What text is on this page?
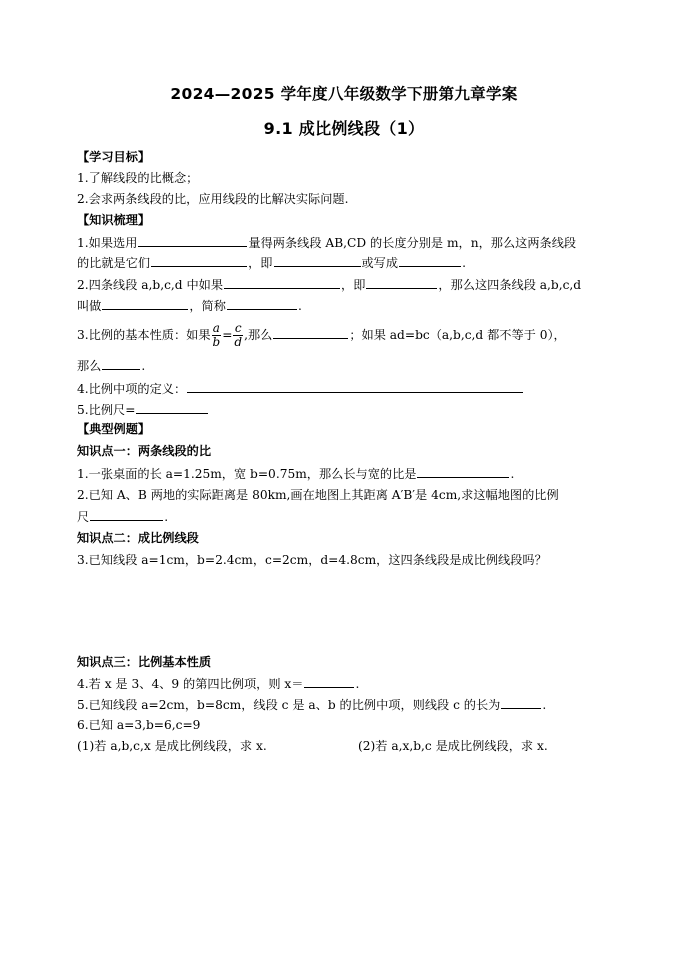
2024—2025 学年度八年级数学下册第九章学案
9.1 成比例线段（1）
【学习目标】
1.了解线段的比概念；
2.会求两条线段的比，应用线段的比解决实际问题.
【知识梳理】
1.如果选用	量得两条线段 AB,CD 的长度分别是 m，n，那么这两条线段
的比就是它们	，即	或写成	.
2.四条线段 a,b,c,d 中如果	，即	，那么这四条线段 a,b,c,d
叫做	，简称	.
3.比例的基本性质：如果 $\frac{a}{b} = \frac{c}{d}$ ,那么	；如果 ad=bc（a,b,c,d 都不等于 0），
那么	.
4.比例中项的定义：
5.比例尺=
【典型例题】
知识点一：两条线段的比
1.一张桌面的长 a=1.25m，宽 b=0.75m，那么长与宽的比是	.
2.已知 A、B 两地的实际距离是 80km,画在地图上其距离 A′B′是 4cm,求这幅地图的比例
尺	.
知识点二：成比例线段
3.已知线段 a=1cm，b=2.4cm，c=2cm，d=4.8cm，这四条线段是成比例线段吗？
知识点三：比例基本性质
4.若 x 是 3、4、9 的第四比例项，则 x＝	.
5.已知线段 a=2cm，b=8cm，线段 c 是 a、b 的比例中项，则线段 c 的长为	.
6.已知 a=3,b=6,c=9
(1)若 a,b,c,x 是成比例线段，求 x.	(2)若 a,x,b,c 是成比例线段，求 x.
